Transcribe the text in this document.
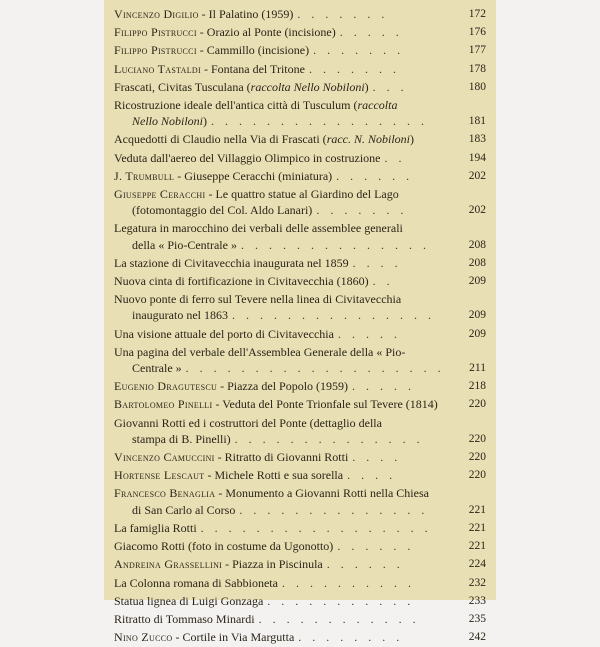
Vincenzo Digilio - Il Palatino (1959) . . . . . . .	172
Filippo Pistrucci - Orazio al Ponte (incisione) . . . . .	176
Filippo Pistrucci - Cammillo (incisione) . . . . . . .	177
Luciano Tastaldi - Fontana del Tritone . . . . . . .	178
Frascati, Civitas Tusculana (raccolta Nello Nobiloni) . . .	180
Ricostruzione ideale dell'antica città di Tusculum (raccolta
Nello Nobiloni) . . . . . . . . . . . . . . . .	181
Acquedotti di Claudio nella Via di Frascati (racc. N. Nobiloni)	183
Veduta dall'aereo del Villaggio Olimpico in costruzione . .	194
J. Trumbull - Giuseppe Ceracchi (miniatura) . . . . . .	202
Giuseppe Ceracchi - Le quattro statue al Giardino del Lago
(fotomontaggio del Col. Aldo Lanari) . . . . . . .	202
Legatura in marocchino dei verbali delle assemblee generali
della « Pio-Centrale » . . . . . . . . . . . . . .	208
La stazione di Civitavecchia inaugurata nel 1859 . . . .	208
Nuova cinta di fortificazione in Civitavecchia (1860) . .	209
Nuovo ponte di ferro sul Tevere nella linea di Civitavecchia
inaugurato nel 1863 . . . . . . . . . . . . . . .	209
Una visione attuale del porto di Civitavecchia . . . . .	209
Una pagina del verbale dell'Assemblea Generale della « Pio-
Centrale » . . . . . . . . . . . . . . . . . . .	211
Eugenio Dragutescu - Piazza del Popolo (1959) . . . . .	218
Bartolomeo Pinelli - Veduta del Ponte Trionfale sul Tevere (1814)	220
Giovanni Rotti ed i costruttori del Ponte (dettaglio della
stampa di B. Pinelli) . . . . . . . . . . . . . .	220
Vincenzo Camuccini - Ritratto di Giovanni Rotti . . . .	220
Hortense Lescaut - Michele Rotti e sua sorella . . . .	220
Francesco Benaglia - Monumento a Giovanni Rotti nella Chiesa
di San Carlo al Corso . . . . . . . . . . . . . .	221
La famiglia Rotti . . . . . . . . . . . . . . . . .	221
Giacomo Rotti (foto in costume da Ugonotto) . . . . . .	221
Andreina Grassellini - Piazza in Piscinula . . . . . .	224
La Colonna romana di Sabbioneta . . . . . . . . . .	232
Statua lignea di Luigi Gonzaga . . . . . . . . . . .	233
Ritratto di Tommaso Minardi . . . . . . . . . . . .	235
Nino Zucco - Cortile in Via Margutta . . . . . . . .	242
